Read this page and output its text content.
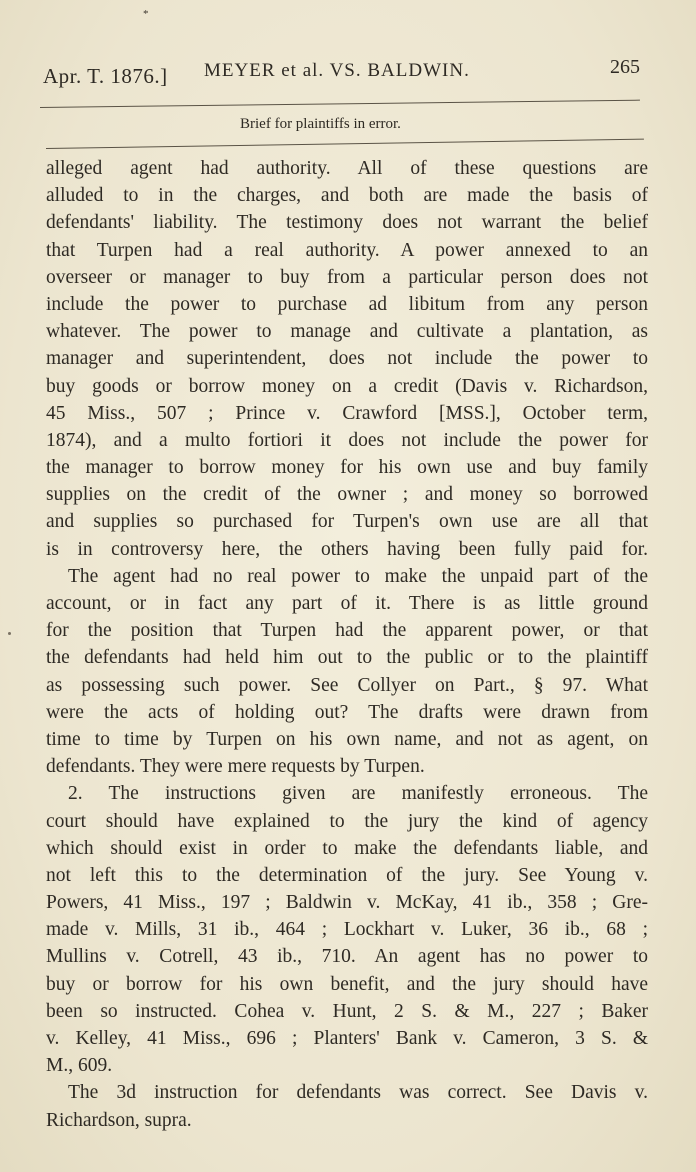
*
Apr. T. 1876.] MEYER et al. VS. BALDWIN.	265
Brief for plaintiffs in error.
alleged agent had authority. All of these questions are
alluded to in the charges, and both are made the basis of
defendants' liability. The testimony does not warrant the belief
that Turpen had a real authority. A power annexed to an
overseer or manager to buy from a particular person does not
include the power to purchase ad libitum from any person
whatever. The power to manage and cultivate a plantation, as
manager and superintendent, does not include the power to
buy goods or borrow money on a credit (Davis v. Richardson,
45 Miss., 507 ; Prince v. Crawford [MSS.], October term,
1874), and a multo fortiori it does not include the power for
the manager to borrow money for his own use and buy family
supplies on the credit of the owner ; and money so borrowed
and supplies so purchased for Turpen's own use are all that
is in controversy here, the others having been fully paid for.
The agent had no real power to make the unpaid part of the
account, or in fact any part of it. There is as little ground
for the position that Turpen had the apparent power, or that
the defendants had held him out to the public or to the plaintiff
as possessing such power. See Collyer on Part., § 97. What
were the acts of holding out? The drafts were drawn from
time to time by Turpen on his own name, and not as agent, on
defendants. They were mere requests by Turpen.
2. The instructions given are manifestly erroneous. The
court should have explained to the jury the kind of agency
which should exist in order to make the defendants liable, and
not left this to the determination of the jury. See Young v.
Powers, 41 Miss., 197 ; Baldwin v. McKay, 41 ib., 358 ; Gre-
made v. Mills, 31 ib., 464 ; Lockhart v. Luker, 36 ib., 68 ;
Mullins v. Cotrell, 43 ib., 710. An agent has no power to
buy or borrow for his own benefit, and the jury should have
been so instructed. Cohea v. Hunt, 2 S. & M., 227 ; Baker
v. Kelley, 41 Miss., 696 ; Planters' Bank v. Cameron, 3 S. &
M., 609.
The 3d instruction for defendants was correct. See Davis v.
Richardson, supra.
